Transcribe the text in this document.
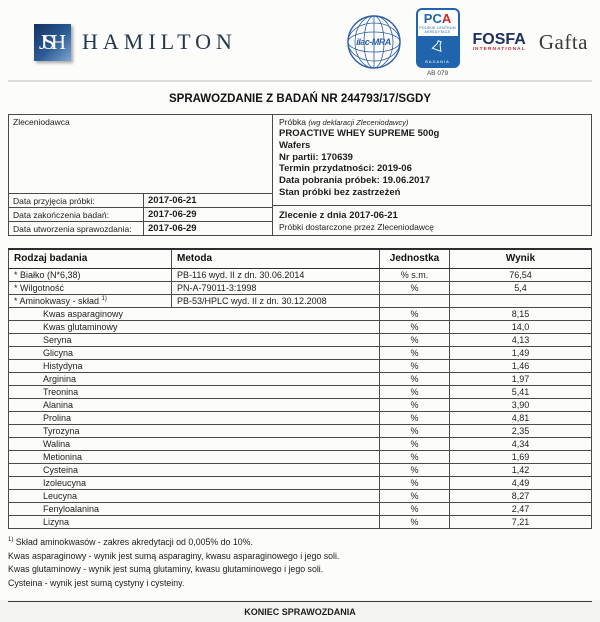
JSH HAMILTON	ilac-MRA
PCA
POLSKIE CENTRUM AKREDYTACJI
BADANIA
AB 079
FOSFA
INTERNATIONAL Gafta
SPRAWOZDANIE Z BADAŃ NR 244793/17/SGDY
Zleceniodawca
Data przyjęcia próbki:	2017-06-21
Data zakończenia badań:	2017-06-29
Data utworzenia sprawozdania:	2017-06-29
Próbka (wg deklaracji Zleceniodawcy)
PROACTIVE WHEY SUPREME 500g
Wafers
Nr partii: 170639
Termin przydatności: 2019-06
Data pobrania próbek: 19.06.2017
Stan próbki bez zastrzeżeń
Zlecenie z dnia 2017-06-21
Próbki dostarczone przez Zleceniodawcę
Rodzaj badania	Metoda	Jednostka	Wynik
* Białko (N*6,38)	PB-116 wyd. II z dn. 30.06.2014	% s.m.	76,54
* Wilgotność	PN-A-79011-3:1998	%	5,4
* Aminokwasy - skład $^{1)}$	PB-53/HPLC wyd. II z dn. 30.12.2008		
Kwas asparaginowy		%	8,15
Kwas glutaminowy		%	14,0
Seryna		%	4,13
Glicyna		%	1,49
Histydyna		%	1,46
Arginina		%	1,97
Treonina		%	5,41
Alanina		%	3,90
Prolina		%	4,81
Tyrozyna		%	2,35
Walina		%	4,34
Metionina		%	1,69
Cysteina		%	1,42
Izoleucyna		%	4,49
Leucyna		%	8,27
Fenyloalanina		%	2,47
Lizyna		%	7,21
$^{1)}$ Skład aminokwasów - zakres akredytacji od 0,005% do 10%.
Kwas asparaginowy - wynik jest sumą asparaginy, kwasu asparaginowego i jego soli.
Kwas glutaminowy - wynik jest sumą glutaminy, kwasu glutaminowego i jego soli.
Cysteina - wynik jest sumą cystyny i cysteiny.
KONIEC SPRAWOZDANIA
